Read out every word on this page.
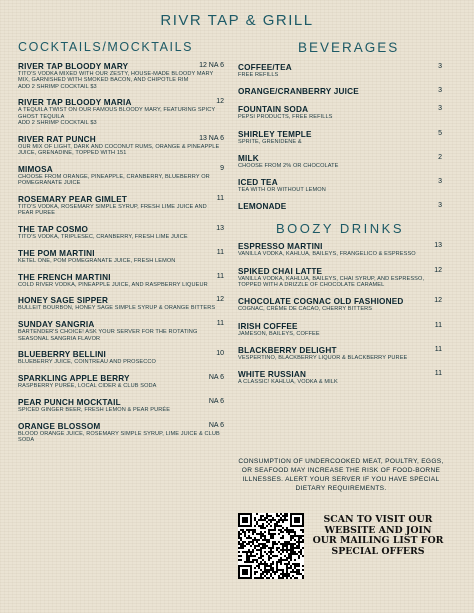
RIVR TAP & GRILL
COCKTAILS/MOCKTAILS
RIVER TAP BLOODY MARY	12 NA 6
TITO'S VODKA MIXED WITH OUR ZESTY, HOUSE-MADE BLOODY MARY MIX, GARNISHED WITH SMOKED BACON, AND CHIPOTLE RIM
ADD 2 SHRIMP COCKTAIL $3
RIVER TAP BLOODY MARIA	12
A TEQUILA TWIST ON OUR FAMOUS BLOODY MARY, FEATURING SPICY GHOST TEQUILA
ADD 2 SHRIMP COCKTAIL $3
RIVER RAT PUNCH	13 NA 6
OUR MIX OF LIGHT, DARK AND COCONUT RUMS, ORANGE & PINEAPPLE JUICE, GRENADINE, TOPPED WITH 151
MIMOSA	9
CHOOSE FROM ORANGE, PINEAPPLE, CRANBERRY, BLUEBERRY OR POMEGRANATE JUICE
ROSEMARY PEAR GIMLET	11
TITO'S VODKA, ROSEMARY SIMPLE SYRUP, FRESH LIME JUICE AND PEAR PUREE
THE TAP COSMO	13
TITO'S VODKA, TRIPLESEC, CRANBERRY, FRESH LIME JUICE
THE POM MARTINI	11
KETEL ONE, POM POMEGRANATE JUICE, FRESH LEMON
THE FRENCH MARTINI	11
COLD RIVER VODKA, PINEAPPLE JUICE, AND RASPBERRY LIQUEUR
HONEY SAGE SIPPER	12
BULLEIT BOURBON, HONEY SAGE SIMPLE SYRUP & ORANGE BITTERS
SUNDAY SANGRIA	11
BARTENDER'S CHOICE! ASK YOUR SERVER FOR THE ROTATING SEASONAL SANGRIA FLAVOR
BLUEBERRY BELLINI	10
BLUEBERRY JUICE, COINTREAU AND PROSECCO
SPARKLING APPLE BERRY	NA 6
RASPBERRY PURÉE, LOCAL CIDER & CLUB SODA
PEAR PUNCH MOCKTAIL	NA 6
SPICED GINGER BEER, FRESH LEMON & PEAR PURÉE
ORANGE BLOSSOM	NA 6
BLOOD ORANGE JUICE, ROSEMARY SIMPLE SYRUP, LIME JUICE & CLUB SODA
BEVERAGES
COFFEE/TEA	3
FREE REFILLS
ORANGE/CRANBERRY JUICE	3
FOUNTAIN SODA	3
PEPSI PRODUCTS, FREE REFILLS
SHIRLEY TEMPLE	5
SPRITE, GRENIDENE &
MILK	2
CHOOSE FROM 2% OR CHOCOLATE
ICED TEA	3
TEA WITH OR WITHOUT LEMON
LEMONADE	3
BOOZY DRINKS
ESPRESSO MARTINI	13
VANILLA VODKA, KAHLUA, BAILEYS, FRANGELICO & ESPRESSO
SPIKED CHAI LATTE	12
VANILLA VODKA, KAHLUA, BAILEYS, CHAI SYRUP, AND ESPRESSO, TOPPED WITH A DRIZZLE OF CHOCOLATE CARAMEL
CHOCOLATE COGNAC OLD FASHIONED	12
COGNAC, CRÈME DE CACAO, CHERRY BITTERS
IRISH COFFEE	11
JAMESON, BAILEYS, COFFEE
BLACKBERRY DELIGHT	11
VESPERTINO, BLACKBERRY LIQUOR & BLACKBERRY PUREE
WHITE RUSSIAN	11
A CLASSIC! KAHLUA, VODKA & MILK
CONSUMPTION OF UNDERCOOKED MEAT, POULTRY, EGGS, OR SEAFOOD MAY INCREASE THE RISK OF FOOD-BORNE ILLNESSES. ALERT YOUR SERVER IF YOU HAVE SPECIAL DIETARY REQUIREMENTS.
SCAN TO VISIT OUR WEBSITE AND JOIN OUR MAILING LIST FOR SPECIAL OFFERS
